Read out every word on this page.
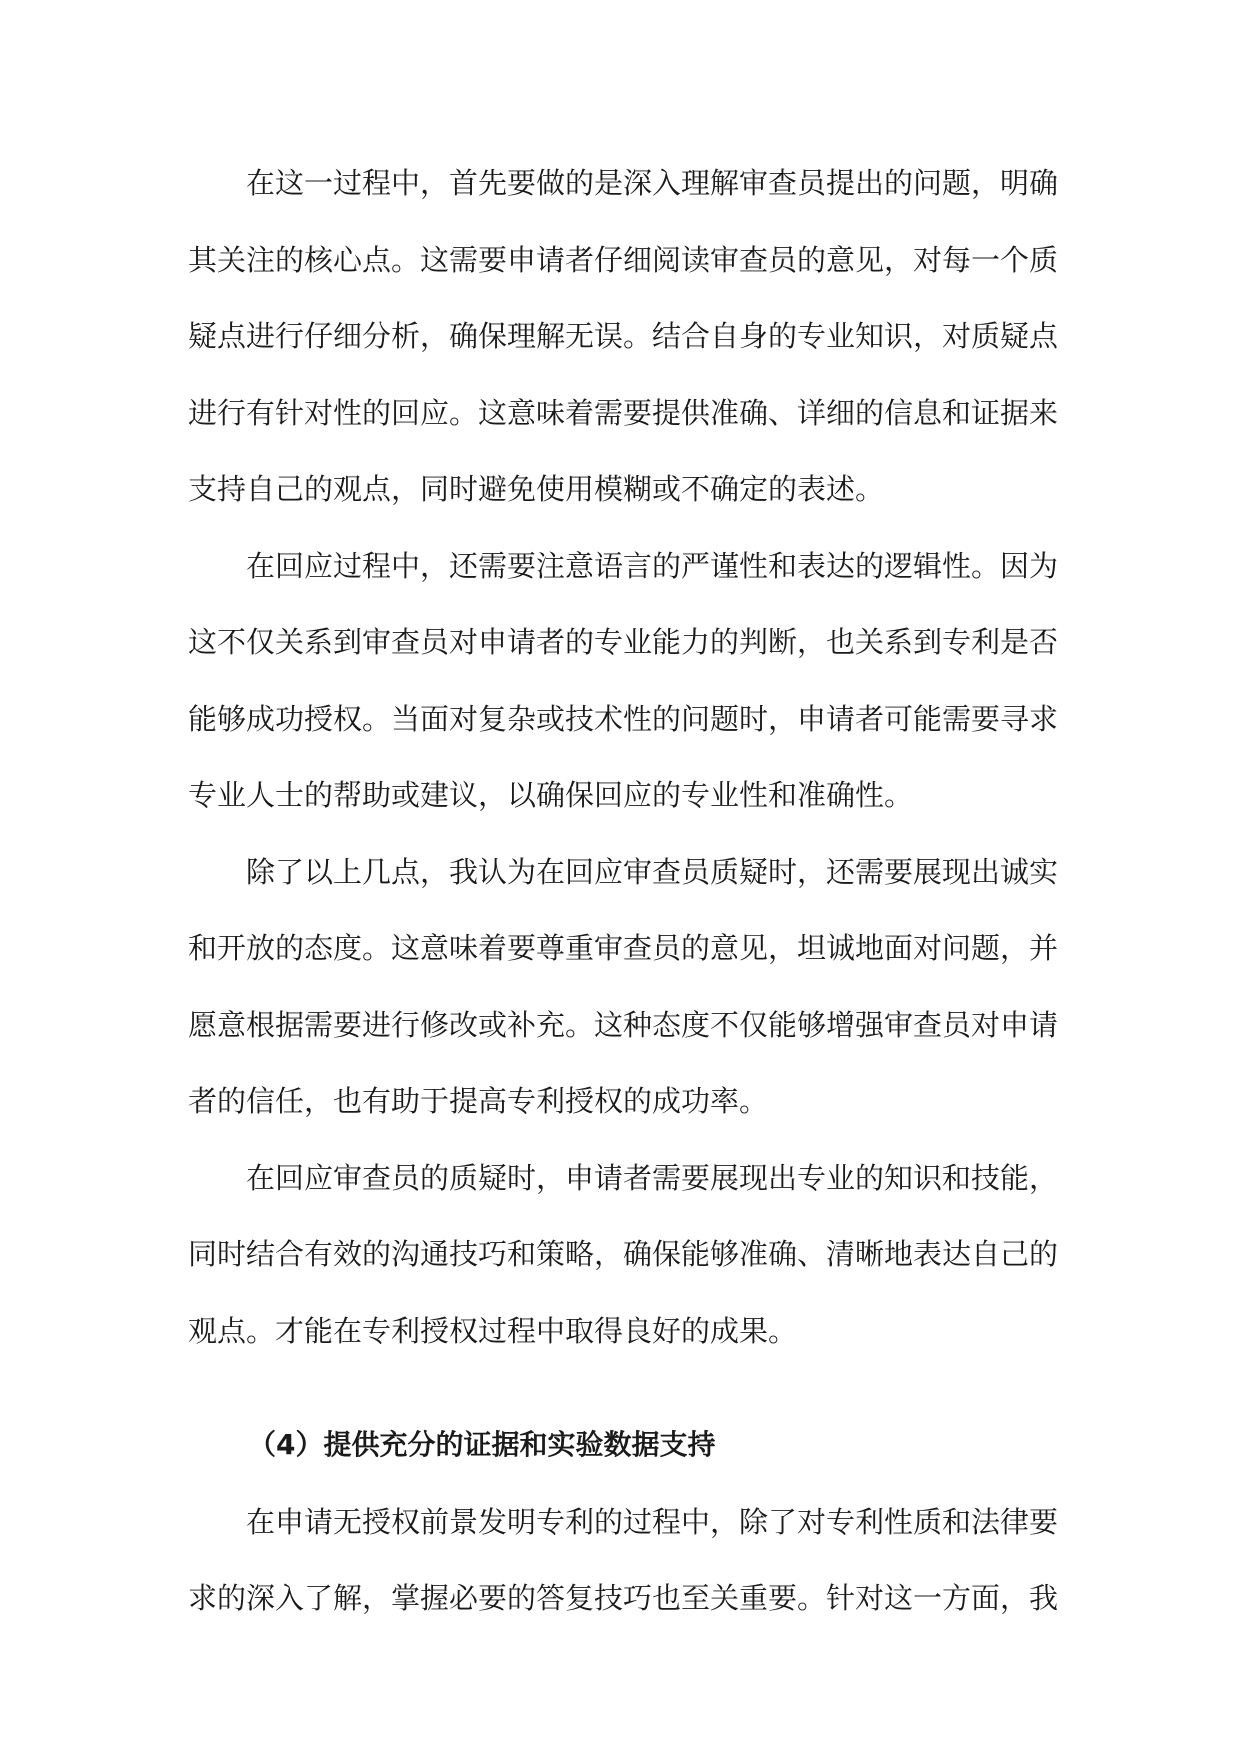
在这一过程中，首先要做的是深入理解审查员提出的问题，明确其关注的核心点。这需要申请者仔细阅读审查员的意见，对每一个质疑点进行仔细分析，确保理解无误。结合自身的专业知识，对质疑点进行有针对性的回应。这意味着需要提供准确、详细的信息和证据来支持自己的观点，同时避免使用模糊或不确定的表述。

在回应过程中，还需要注意语言的严谨性和表达的逻辑性。因为这不仅关系到审查员对申请者的专业能力的判断，也关系到专利是否能够成功授权。当面对复杂或技术性的问题时，申请者可能需要寻求专业人士的帮助或建议，以确保回应的专业性和准确性。

除了以上几点，我认为在回应审查员质疑时，还需要展现出诚实和开放的态度。这意味着要尊重审查员的意见，坦诚地面对问题，并愿意根据需要进行修改或补充。这种态度不仅能够增强审查员对申请者的信任，也有助于提高专利授权的成功率。

在回应审查员的质疑时，申请者需要展现出专业的知识和技能，同时结合有效的沟通技巧和策略，确保能够准确、清晰地表达自己的观点。才能在专利授权过程中取得良好的成果。

（4）提供充分的证据和实验数据支持

在申请无授权前景发明专利的过程中，除了对专利性质和法律要求的深入了解，掌握必要的答复技巧也至关重要。针对这一方面，我
